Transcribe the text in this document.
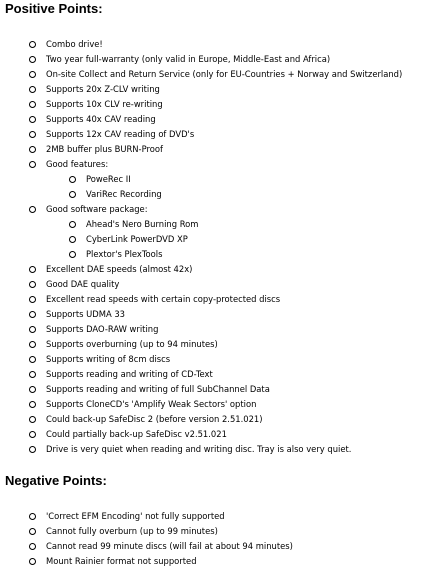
Positive Points:
Combo drive!
Two year full-warranty (only valid in Europe, Middle-East and Africa)
On-site Collect and Return Service (only for EU-Countries + Norway and Switzerland)
Supports 20x Z-CLV writing
Supports 10x CLV re-writing
Supports 40x CAV reading
Supports 12x CAV reading of DVD's
2MB buffer plus BURN-Proof
Good features:
PoweRec II
VariRec Recording
Good software package:
Ahead's Nero Burning Rom
CyberLink PowerDVD XP
Plextor's PlexTools
Excellent DAE speeds (almost 42x)
Good DAE quality
Excellent read speeds with certain copy-protected discs
Supports UDMA 33
Supports DAO-RAW writing
Supports overburning (up to 94 minutes)
Supports writing of 8cm discs
Supports reading and writing of CD-Text
Supports reading and writing of full SubChannel Data
Supports CloneCD's 'Amplify Weak Sectors' option
Could back-up SafeDisc 2 (before version 2.51.021)
Could partially back-up SafeDisc v2.51.021
Drive is very quiet when reading and writing disc. Tray is also very quiet.
Negative Points:
'Correct EFM Encoding' not fully supported
Cannot fully overburn (up to 99 minutes)
Cannot read 99 minute discs (will fail at about 94 minutes)
Mount Rainier format not supported
